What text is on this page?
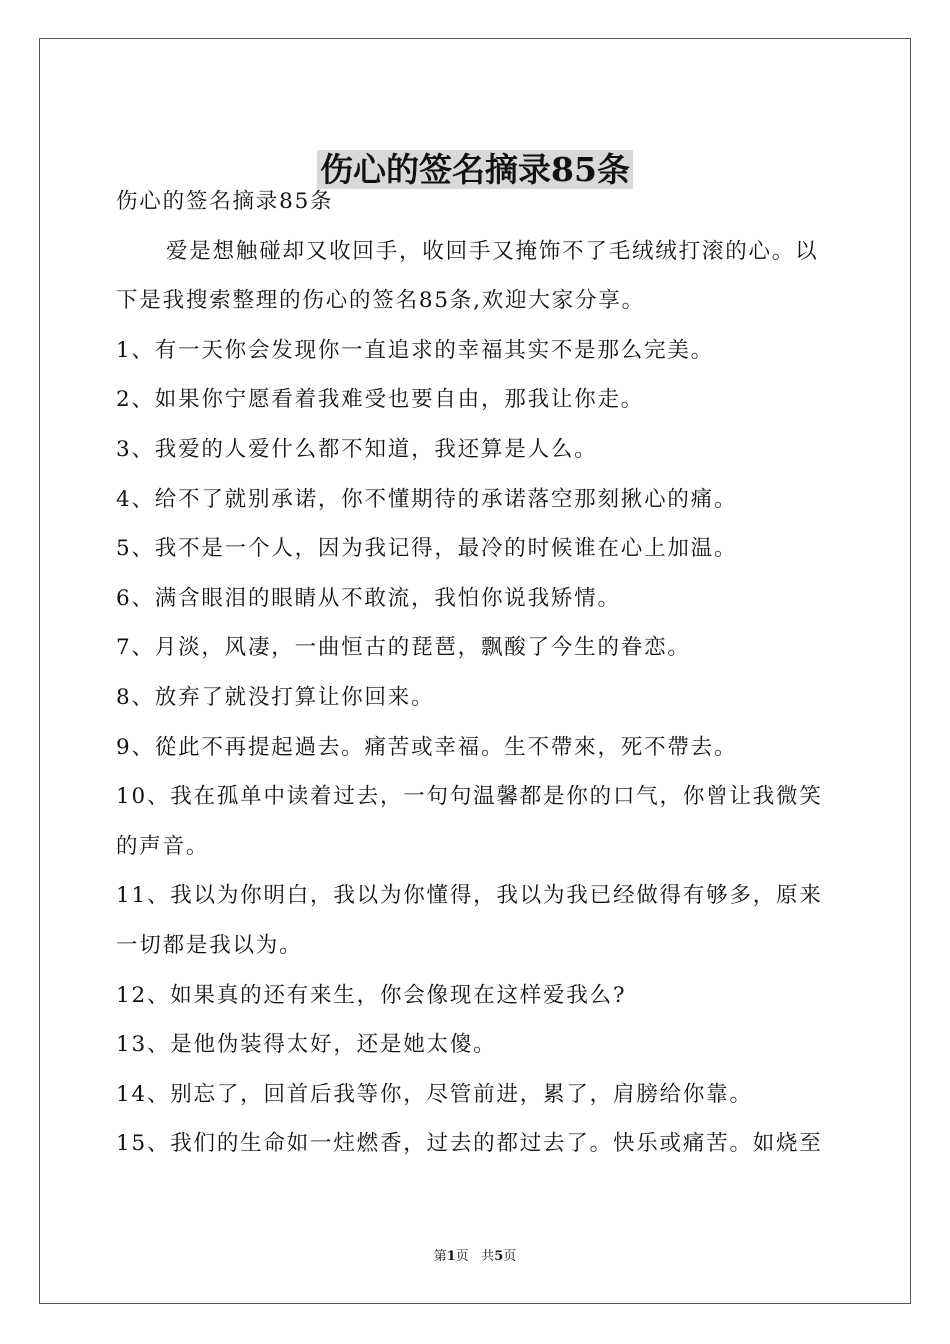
伤心的签名摘录85条

伤心的签名摘录85条

爱是想触碰却又收回手，收回手又掩饰不了毛绒绒打滚的心。以下是我搜索整理的伤心的签名85条,欢迎大家分享。

1、有一天你会发现你一直追求的幸福其实不是那么完美。

2、如果你宁愿看着我难受也要自由，那我让你走。

3、我爱的人爱什么都不知道，我还算是人么。

4、给不了就别承诺，你不懂期待的承诺落空那刻揪心的痛。

5、我不是一个人，因为我记得，最冷的时候谁在心上加温。

6、满含眼泪的眼睛从不敢流，我怕你说我矫情。

7、月淡，风凄，一曲恒古的琵琶，飘酸了今生的眷恋。

8、放弃了就没打算让你回来。

9、從此不再提起過去。痛苦或幸福。生不帶來，死不帶去。

10、我在孤单中读着过去，一句句温馨都是你的口气，你曾让我微笑的声音。

11、我以为你明白，我以为你懂得，我以为我已经做得有够多，原来一切都是我以为。

12、如果真的还有来生，你会像现在这样爱我么?

13、是他伪装得太好，还是她太傻。

14、别忘了，回首后我等你，尽管前进，累了，肩膀给你靠。

15、我们的生命如一炷燃香，过去的都过去了。快乐或痛苦。如烧至

第1页 共5页
